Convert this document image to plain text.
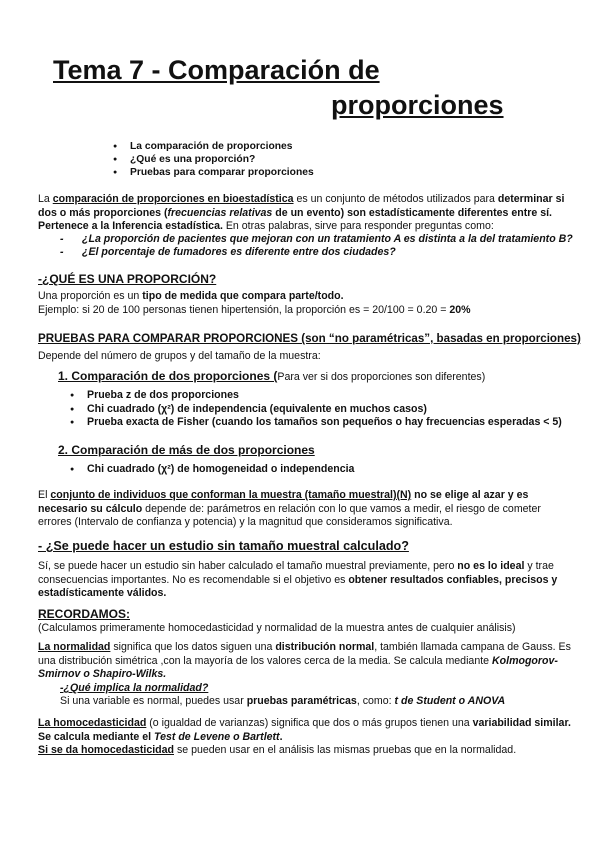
Tema 7 - Comparación de
proporciones
● La comparación de proporciones
● ¿Qué es una proporción?
● Pruebas para comparar proporciones
La comparación de proporciones en bioestadística es un conjunto de métodos utilizados para determinar si dos o más proporciones (frecuencias relativas de un evento) son estadísticamente diferentes entre sí. Pertenece a la Inferencia estadística. En otras palabras, sirve para responder preguntas como:
- ¿La proporción de pacientes que mejoran con un tratamiento A es distinta a la del tratamiento B?
- ¿El porcentaje de fumadores es diferente entre dos ciudades?
-¿QUÉ ES UNA PROPORCIÓN?
Una proporción es un tipo de medida que compara parte/todo.
Ejemplo: si 20 de 100 personas tienen hipertensión, la proporción es = 20/100 = 0.20 = 20%
PRUEBAS PARA COMPARAR PROPORCIONES (son “no paramétricas”, basadas en proporciones)
Depende del número de grupos y del tamaño de la muestra:
1. Comparación de dos proporciones (Para ver si dos proporciones son diferentes)
● Prueba z de dos proporciones
● Chi cuadrado (χ²) de independencia (equivalente en muchos casos)
● Prueba exacta de Fisher (cuando los tamaños son pequeños o hay frecuencias esperadas < 5)
2. Comparación de más de dos proporciones
● Chi cuadrado (χ²) de homogeneidad o independencia
El conjunto de individuos que conforman la muestra (tamaño muestral)(N) no se elige al azar y es necesario su cálculo depende de: parámetros en relación con lo que vamos a medir, el riesgo de cometer errores (Intervalo de confianza y potencia) y la magnitud que consideramos significativa.
- ¿Se puede hacer un estudio sin tamaño muestral calculado?
Sí, se puede hacer un estudio sin haber calculado el tamaño muestral previamente, pero no es lo ideal y trae consecuencias importantes. No es recomendable si el objetivo es obtener resultados confiables, precisos y estadísticamente válidos.
RECORDAMOS:
(Calculamos primeramente homocedasticidad y normalidad de la muestra antes de cualquier análisis)
La normalidad significa que los datos siguen una distribución normal, también llamada campana de Gauss. Es una distribución simétrica ,con la mayoría de los valores cerca de la media. Se calcula mediante Kolmogorov-Smirnov o Shapiro-Wilks.
-¿Qué implica la normalidad?
Si una variable es normal, puedes usar pruebas paramétricas, como: t de Student o ANOVA
La homocedasticidad (o igualdad de varianzas) significa que dos o más grupos tienen una variabilidad similar. Se calcula mediante el Test de Levene o Bartlett.
Si se da homocedasticidad se pueden usar en el análisis las mismas pruebas que en la normalidad.
